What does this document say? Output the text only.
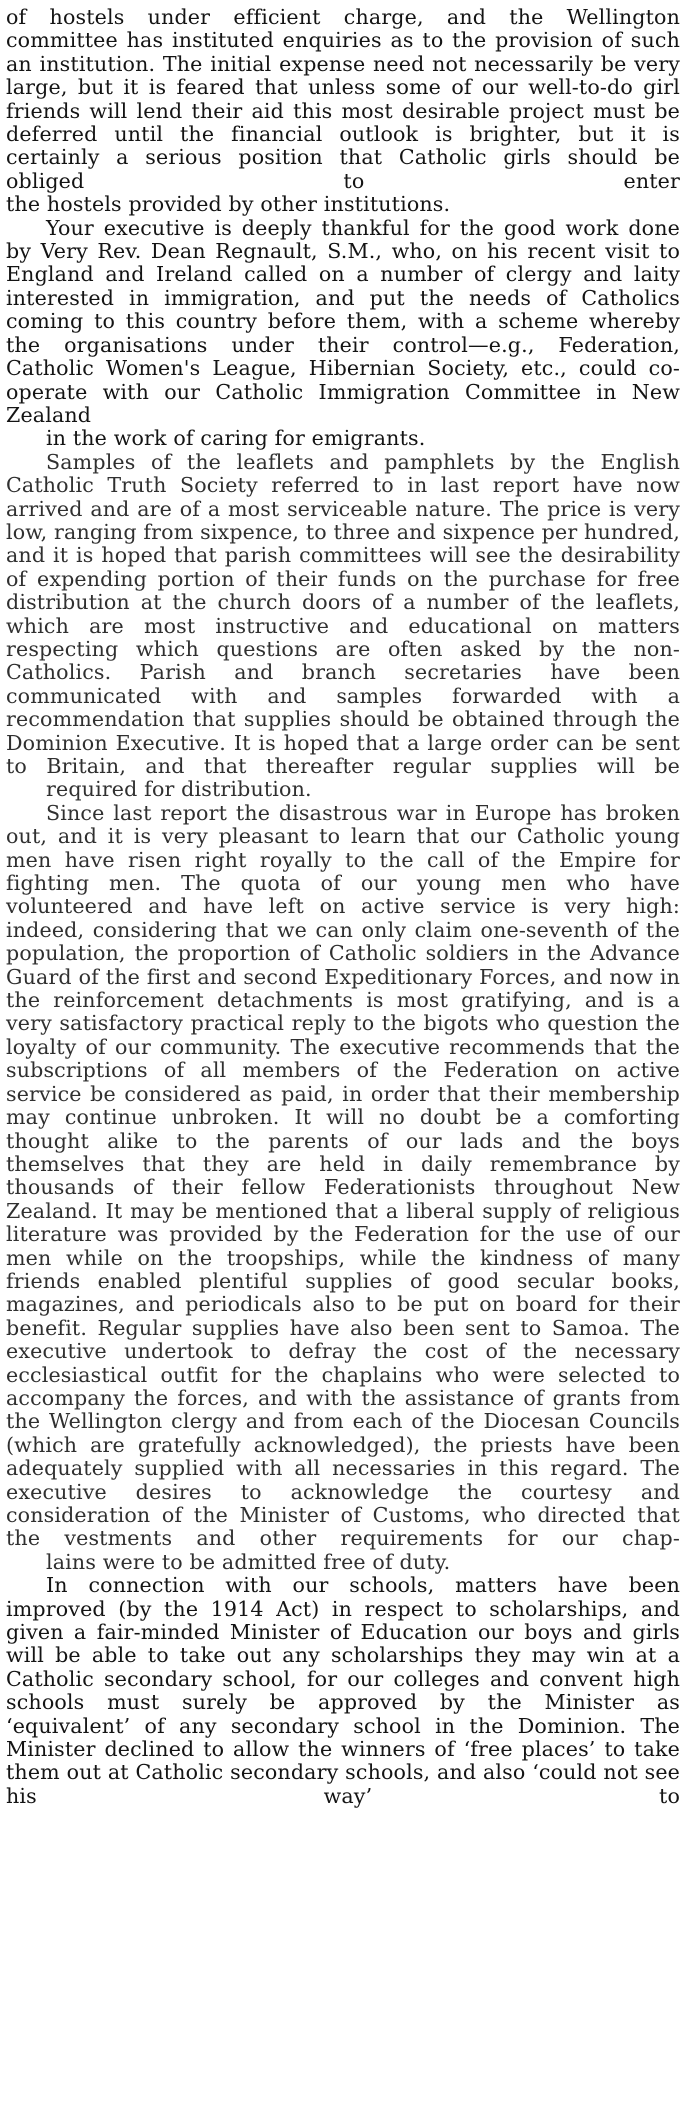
of hostels under efficient charge, and the Wellington committee has instituted enquiries as to the provision of such an institution. The initial expense need not necessarily be very large, but it is feared that unless some of our well-to-do girl friends will lend their aid this most desirable project must be deferred until the financial outlook is brighter, but it is certainly a serious position that Catholic girls should be obliged to enter
the hostels provided by other institutions.

Your executive is deeply thankful for the good work done by Very Rev. Dean Regnault, S.M., who, on his recent visit to England and Ireland called on a number of clergy and laity interested in immigration, and put the needs of Catholics coming to this country before them, with a scheme whereby the organisations under their control—e.g., Federation, Catholic Women's League, Hibernian Society, etc., could co-operate with our Catholic Immigration Committee in New Zealand
in the work of caring for emigrants.

Samples of the leaflets and pamphlets by the English Catholic Truth Society referred to in last report have now arrived and are of a most serviceable nature. The price is very low, ranging from sixpence, to three and sixpence per hundred, and it is hoped that parish committees will see the desirability of expending portion of their funds on the purchase for free distribution at the church doors of a number of the leaflets, which are most instructive and educational on matters respecting which questions are often asked by the non-Catholics. Parish and branch secretaries have been communicated with and samples forwarded with a recommendation that supplies should be obtained through the Dominion Executive. It is hoped that a large order can be sent to Britain, and that thereafter regular supplies will be
required for distribution.

Since last report the disastrous war in Europe has broken out, and it is very pleasant to learn that our Catholic young men have risen right royally to the call of the Empire for fighting men. The quota of our young men who have volunteered and have left on active service is very high: indeed, considering that we can only claim one-seventh of the population, the proportion of Catholic soldiers in the Advance Guard of the first and second Expeditionary Forces, and now in the reinforcement detachments is most gratifying, and is a very satisfactory practical reply to the bigots who question the loyalty of our community. The executive recommends that the subscriptions of all members of the Federation on active service be considered as paid, in order that their membership may continue unbroken. It will no doubt be a comforting thought alike to the parents of our lads and the boys themselves that they are held in daily remembrance by thousands of their fellow Federationists throughout New Zealand. It may be mentioned that a liberal supply of religious literature was provided by the Federation for the use of our men while on the troopships, while the kindness of many friends enabled plentiful supplies of good secular books, magazines, and periodicals also to be put on board for their benefit. Regular supplies have also been sent to Samoa. The executive undertook to defray the cost of the necessary ecclesiastical outfit for the chaplains who were selected to accompany the forces, and with the assistance of grants from the Wellington clergy and from each of the Diocesan Councils (which are gratefully acknowledged), the priests have been adequately supplied with all necessaries in this regard. The executive desires to acknowledge the courtesy and consideration of the Minister of Customs, who directed that the vestments and other requirements for our chap-
lains were to be admitted free of duty.

In connection with our schools, matters have been improved (by the 1914 Act) in respect to scholarships, and given a fair-minded Minister of Education our boys and girls will be able to take out any scholarships they may win at a Catholic secondary school, for our colleges and convent high schools must surely be approved by the Minister as ‘equivalent’ of any secondary school in the Dominion. The Minister declined to allow the winners of ‘free places’ to take them out at Catholic secondary schools, and also ‘could not see his way’ to
